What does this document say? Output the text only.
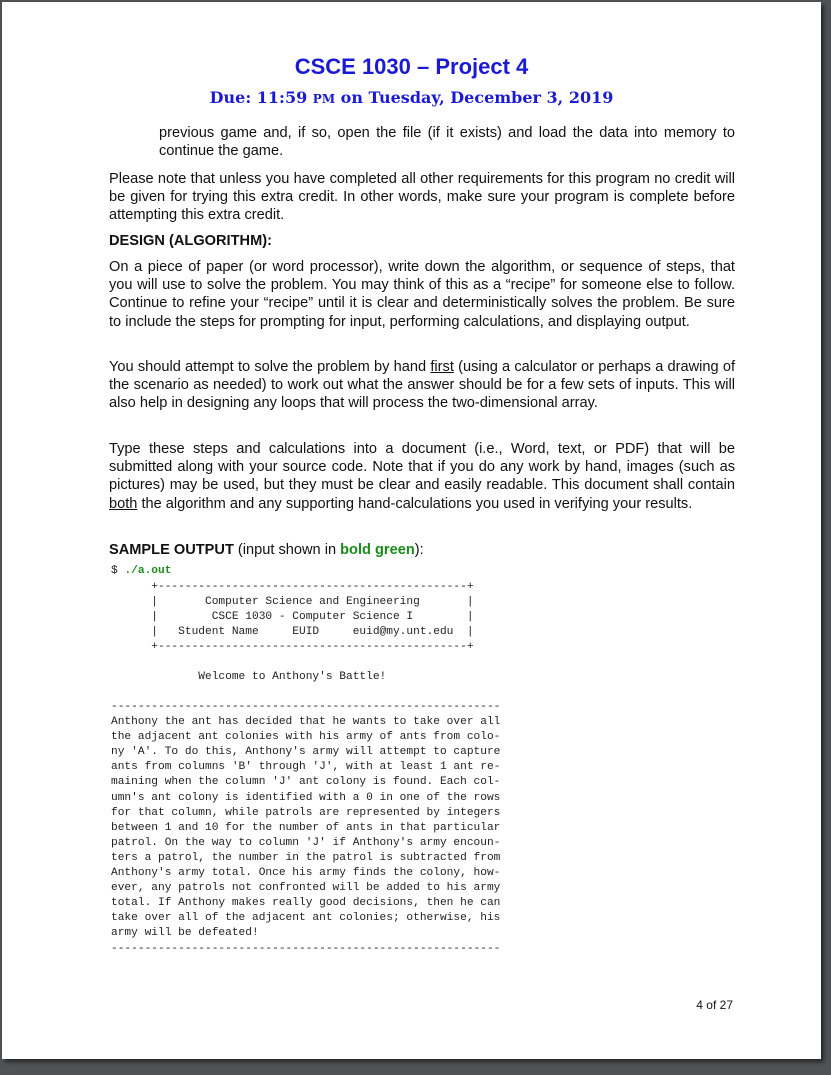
CSCE 1030 – Project 4

Due: 11:59 PM on Tuesday, December 3, 2019

previous game and, if so, open the file (if it exists) and load the data into memory to continue the game.

Please note that unless you have completed all other requirements for this program no credit will be given for trying this extra credit. In other words, make sure your program is complete before attempting this extra credit.

DESIGN (ALGORITHM):

On a piece of paper (or word processor), write down the algorithm, or sequence of steps, that you will use to solve the problem. You may think of this as a “recipe” for someone else to follow. Continue to refine your “recipe” until it is clear and deterministically solves the problem. Be sure to include the steps for prompting for input, performing calculations, and displaying output.

You should attempt to solve the problem by hand first (using a calculator or perhaps a drawing of the scenario as needed) to work out what the answer should be for a few sets of inputs. This will also help in designing any loops that will process the two-dimensional array.

Type these steps and calculations into a document (i.e., Word, text, or PDF) that will be submitted along with your source code. Note that if you do any work by hand, images (such as pictures) may be used, but they must be clear and easily readable. This document shall contain both the algorithm and any supporting hand-calculations you used in verifying your results.

SAMPLE OUTPUT (input shown in bold green):

$ ./a.out
+----------------------------------------------+
|       Computer Science and Engineering       |
|        CSCE 1030 - Computer Science I        |
|   Student Name     EUID     euid@my.unt.edu  |
+----------------------------------------------+
Welcome to Anthony's Battle!
----------------------------------------------------------
Anthony the ant has decided that he wants to take over all
the adjacent ant colonies with his army of ants from colo-
ny 'A'. To do this, Anthony's army will attempt to capture
ants from columns 'B' through 'J', with at least 1 ant re-
maining when the column 'J' ant colony is found. Each col-
umn's ant colony is identified with a 0 in one of the rows
for that column, while patrols are represented by integers
between 1 and 10 for the number of ants in that particular
patrol. On the way to column 'J' if Anthony's army encoun-
ters a patrol, the number in the patrol is subtracted from
Anthony's army total. Once his army finds the colony, how-
ever, any patrols not confronted will be added to his army
total. If Anthony makes really good decisions, then he can
take over all of the adjacent ant colonies; otherwise, his
army will be defeated!
----------------------------------------------------------
4 of 27
